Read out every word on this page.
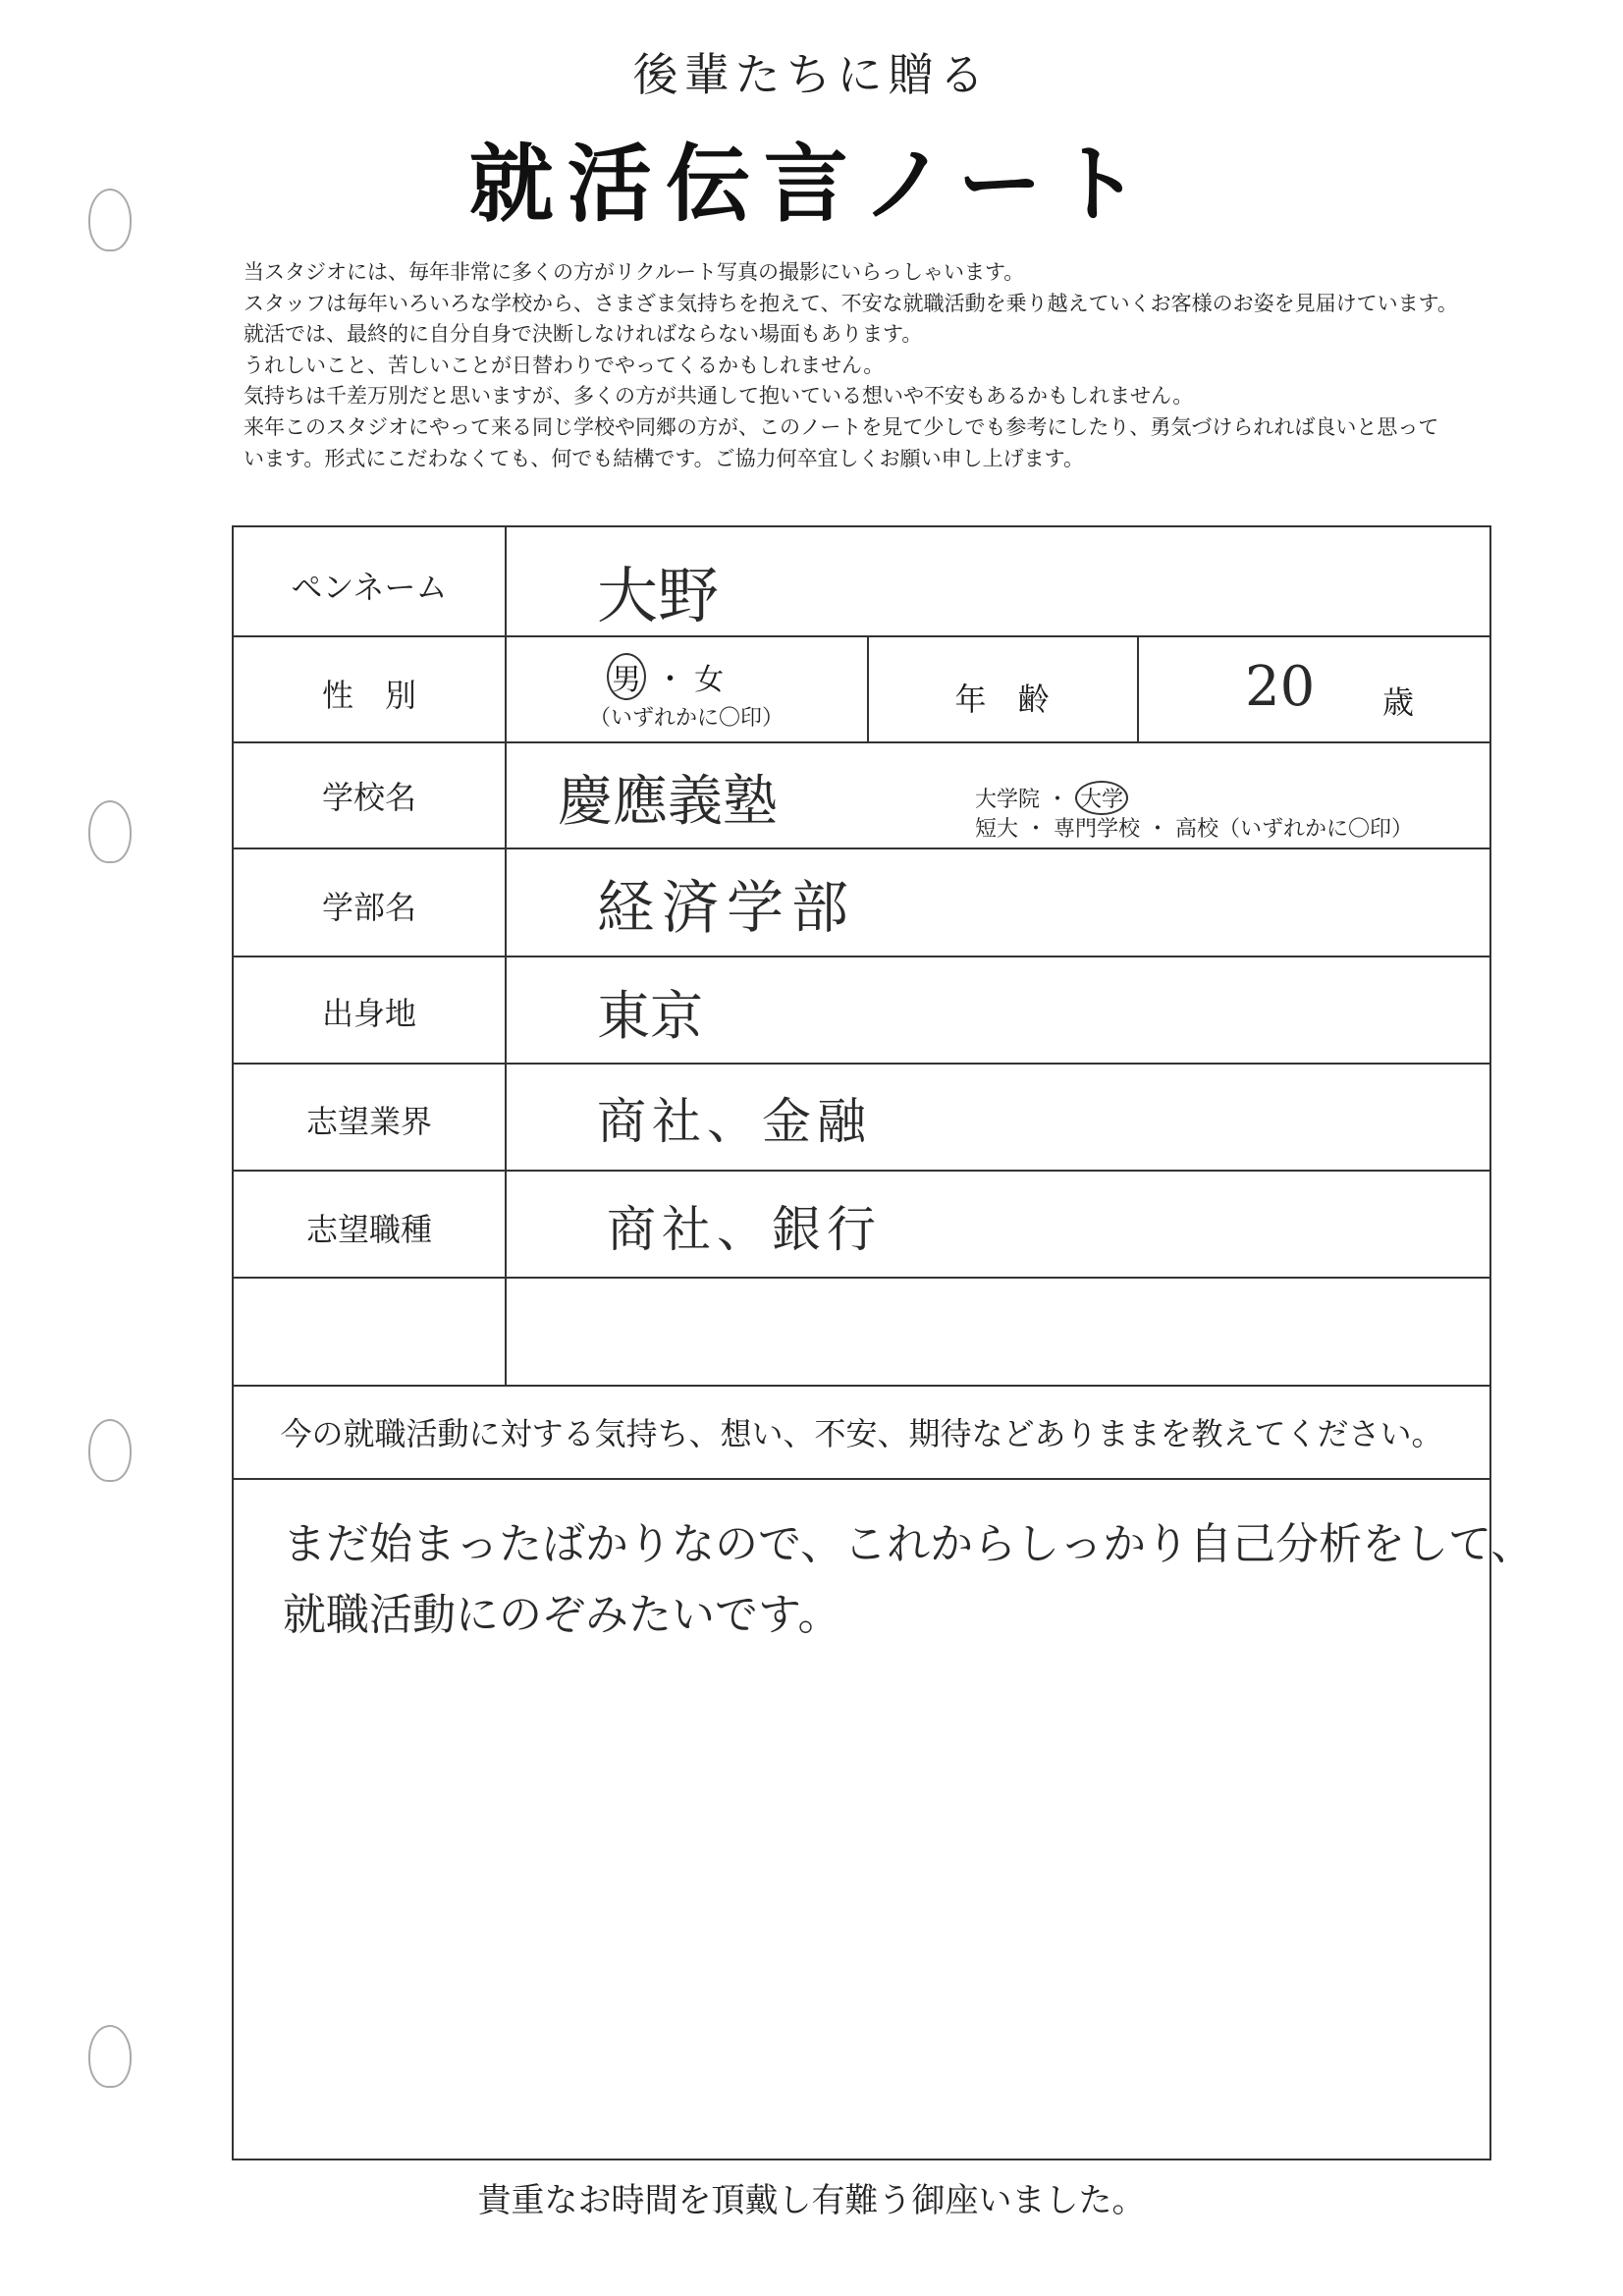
後輩たちに贈る
就活伝言ノート
当スタジオには、毎年非常に多くの方がリクルート写真の撮影にいらっしゃいます。
スタッフは毎年いろいろな学校から、さまざま気持ちを抱えて、不安な就職活動を乗り越えていくお客様のお姿を見届けています。
就活では、最終的に自分自身で決断しなければならない場面もあります。
うれしいこと、苦しいことが日替わりでやってくるかもしれません。
気持ちは千差万別だと思いますが、多くの方が共通して抱いている想いや不安もあるかもしれません。
来年このスタジオにやって来る同じ学校や同郷の方が、このノートを見て少しでも参考にしたり、勇気づけられれば良いと思って
います。形式にこだわなくても、何でも結構です。ご協力何卒宜しくお願い申し上げます。
ペンネーム	大野
性　別	男 ・ 女
（いずれかに〇印）
年　齢	20 歳
学校名	慶應義塾	大学院 ・ 大学
短大 ・ 専門学校 ・ 高校（いずれかに〇印）
学部名	経済学部
出身地	東京
志望業界	商社、金融
志望職種	商社、銀行
今の就職活動に対する気持ち、想い、不安、期待などありままを教えてください。
まだ始まったばかりなので、これからしっかり自己分析をして、
就職活動にのぞみたいです。
貴重なお時間を頂戴し有難う御座いました。
